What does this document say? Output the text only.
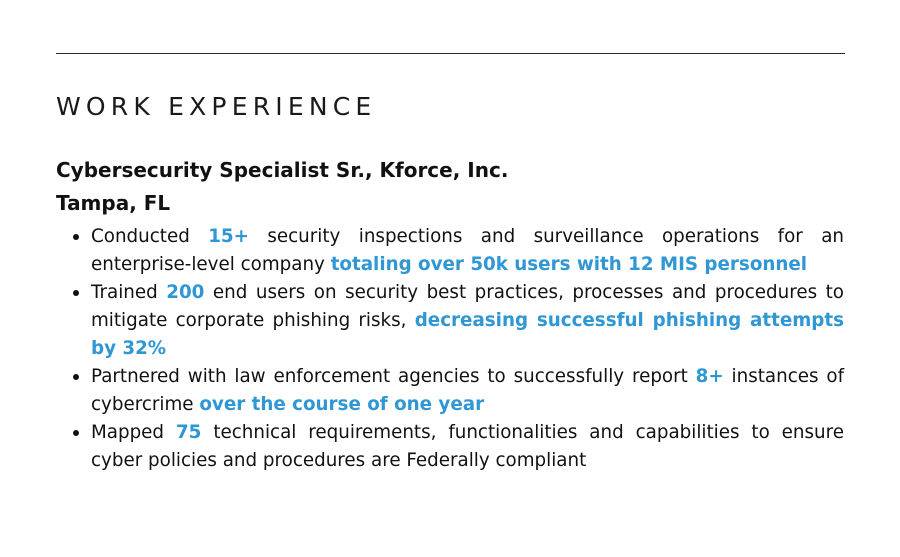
WORK EXPERIENCE
Cybersecurity Specialist Sr., Kforce, Inc.
Tampa, FL
Conducted 15+ security inspections and surveillance operations for an enterprise-level company totaling over 50k users with 12 MIS personnel
Trained 200 end users on security best practices, processes and procedures to mitigate corporate phishing risks, decreasing successful phishing attempts by 32%
Partnered with law enforcement agencies to successfully report 8+ instances of cybercrime over the course of one year
Mapped 75 technical requirements, functionalities and capabilities to ensure cyber policies and procedures are Federally compliant
